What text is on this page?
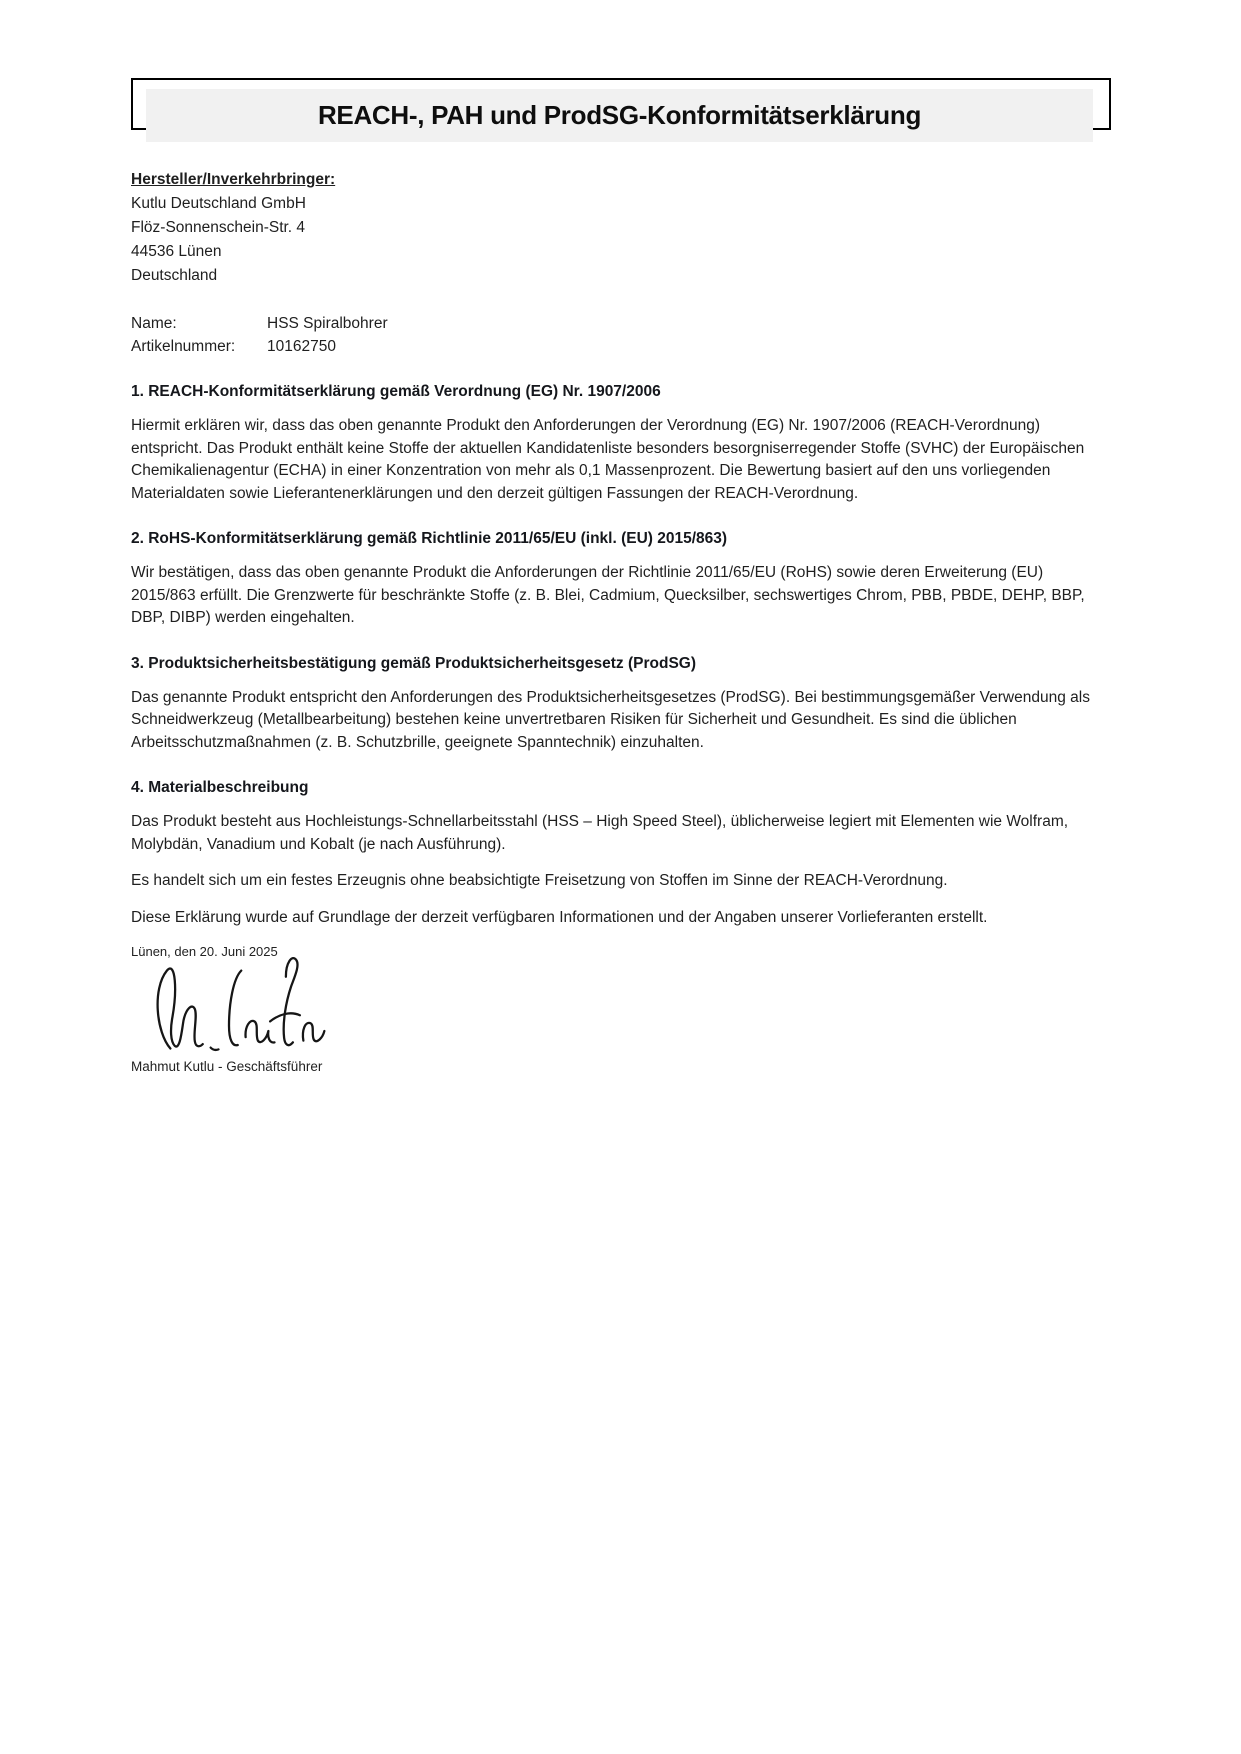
REACH-, PAH und ProdSG-Konformitätserklärung
Hersteller/Inverkehrbringer:
Kutlu Deutschland GmbH
Flöz-Sonnenschein-Str. 4
44536 Lünen
Deutschland
Name:	HSS Spiralbohrer
Artikelnummer:	10162750
1. REACH-Konformitätserklärung gemäß Verordnung (EG) Nr. 1907/2006

Hiermit erklären wir, dass das oben genannte Produkt den Anforderungen der Verordnung (EG) Nr. 1907/2006 (REACH-Verordnung) entspricht. Das Produkt enthält keine Stoffe der aktuellen Kandidatenliste besonders besorgniserregender Stoffe (SVHC) der Europäischen Chemikalienagentur (ECHA) in einer Konzentration von mehr als 0,1 Massenprozent. Die Bewertung basiert auf den uns vorliegenden Materialdaten sowie Lieferantenerklärungen und den derzeit gültigen Fassungen der REACH-Verordnung.

2. RoHS-Konformitätserklärung gemäß Richtlinie 2011/65/EU (inkl. (EU) 2015/863)

Wir bestätigen, dass das oben genannte Produkt die Anforderungen der Richtlinie 2011/65/EU (RoHS) sowie deren Erweiterung (EU) 2015/863 erfüllt. Die Grenzwerte für beschränkte Stoffe (z. B. Blei, Cadmium, Quecksilber, sechswertiges Chrom, PBB, PBDE, DEHP, BBP, DBP, DIBP) werden eingehalten.

3. Produktsicherheitsbestätigung gemäß Produktsicherheitsgesetz (ProdSG)

Das genannte Produkt entspricht den Anforderungen des Produktsicherheitsgesetzes (ProdSG). Bei bestimmungsgemäßer Verwendung als Schneidwerkzeug (Metallbearbeitung) bestehen keine unvertretbaren Risiken für Sicherheit und Gesundheit. Es sind die üblichen Arbeitsschutzmaßnahmen (z. B. Schutzbrille, geeignete Spanntechnik) einzuhalten.

4. Materialbeschreibung

Das Produkt besteht aus Hochleistungs-Schnellarbeitsstahl (HSS – High Speed Steel), üblicherweise legiert mit Elementen wie Wolfram, Molybdän, Vanadium und Kobalt (je nach Ausführung).

Es handelt sich um ein festes Erzeugnis ohne beabsichtigte Freisetzung von Stoffen im Sinne der REACH-Verordnung.

Diese Erklärung wurde auf Grundlage der derzeit verfügbaren Informationen und der Angaben unserer Vorlieferanten erstellt.

Lünen, den 20. Juni 2025
Mahmut Kutlu - Geschäftsführer
